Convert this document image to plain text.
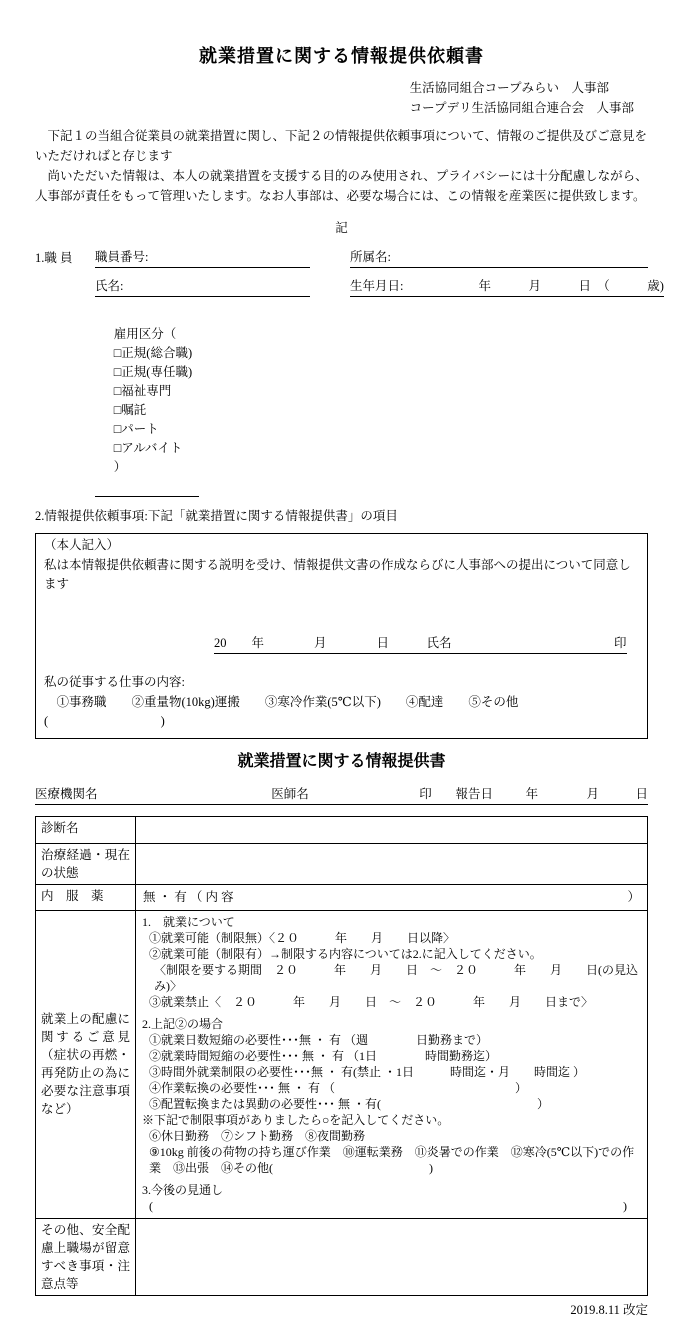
就業措置に関する情報提供依頼書
生活協同組合コープみらい　人事部
コープデリ生活協同組合連合会　人事部

　下記１の当組合従業員の就業措置に関し、下記２の情報提供依頼事項について、情報のご提供及びご意見をいただければと存じます

　尚いただいた情報は、本人の就業措置を支援する目的のみ使用され、プライバシーには十分配慮しながら、人事部が責任をもって管理いたします。なお人事部は、必要な場合には、この情報を産業医に提供致します。

記
1.職 員	職員番号:	所属名:
氏名:	生年月日:　　　　　　年　　　月　　　日　（　　　歳)

雇用区分（
□正規(総合職)
□正規(専任職)
□福祉専門
□嘱託
□パート
□アルバイト
）

2.情報提供依頼事項:下記「就業措置に関する情報提供書」の項目
（本人記入）
私は本情報提供依頼書に関する説明を受け、情報提供文書の作成ならびに人事部への提出について同意します

20　　年　　　　月　　　　日　　　氏名　　　　　　　　　　　　　印

私の従事する仕事の内容:
　①事務職　　②重量物(10kg)運搬　　③寒冷作業(5℃以下)　　④配達　　⑤その他(　　　　　　　　　)
就業措置に関する情報提供書
医療機関名	医師名	印 報告日	年	月	日
診断名
治療経過・現在の状態
内　服　薬	無 ・ 有 （ 内 容	）
就業上の配慮に関するご意見（症状の再燃・再発防止の為に必要な注意事項など）
1.　就業について
①就業可能（制限無）〈２０　　　年　　月　　日以降〉
②就業可能（制限有）→制限する内容については2.に記入してください。
〈制限を要する期間　２０　　　年　　月　　日　～　２０　　　年　　月　　日(の見込み)〉
③就業禁止〈　２０　　　年　　月　　日　～　２０　　　年　　月　　日まで〉
2.上記②の場合
①就業日数短縮の必要性･･･無 ・ 有 （週　　　　日勤務まで）
②就業時間短縮の必要性･･･ 無 ・ 有 （1日　　　　時間勤務迄）
③時間外就業制限の必要性･･･無 ・ 有(禁止 ・1日　　　時間迄・月　　時間迄 ）
④作業転換の必要性･･･ 無 ・ 有 （　　　　　　　　　　　　　　　）
⑤配置転換または異動の必要性･･･ 無 ・有(　　　　　　　　　　　　　）
※下記で制限事項がありましたら○を記入してください。
⑥休日勤務　⑦シフト勤務　⑧夜間勤務
⑨10kg 前後の荷物の持ち運び作業　⑩運転業務　⑪炎暑での作業　⑫寒冷(5℃以下)での作業　⑬出張　⑭その他(　　　　　　　　　　　　　)
3.今後の見通し
(	)
その他、安全配慮上職場が留意すべき事項・注意点等
2019.8.11 改定
